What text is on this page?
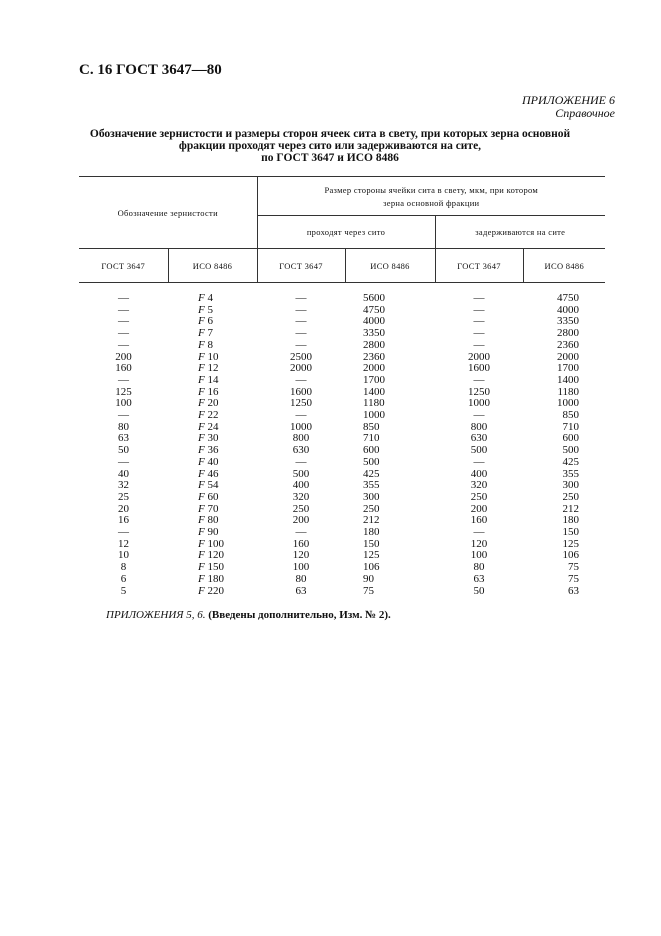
С. 16 ГОСТ 3647—80
ПРИЛОЖЕНИЕ 6
Справочное
Обозначение зернистости и размеры сторон ячеек сита в свету, при которых зерна основной
фракции проходят через сито или задерживаются на сите,
по ГОСТ 3647 и ИСО 8486
Обозначение зернистости		Размер стороны ячейки сита в свету, мкм, при котором
зерна основной фракции			

		проходят через сито		задерживаются на сите	
ГОСТ 3647	ИСО 8486	ГОСТ 3647	ИСО 8486	ГОСТ 3647	ИСО 8486

—	F 4	—	5600	—	4750
—	F 5	—	4750	—	4000
—	F 6	—	4000	—	3350
—	F 7	—	3350	—	2800
—	F 8	—	2800	—	2360
200	F 10	2500	2360	2000	2000
160	F 12	2000	2000	1600	1700
—	F 14	—	1700	—	1400
125	F 16	1600	1400	1250	1180
100	F 20	1250	1180	1000	1000
—	F 22	—	1000	—	850
80	F 24	1000	850	800	710
63	F 30	800	710	630	600
50	F 36	630	600	500	500
—	F 40	—	500	—	425
40	F 46	500	425	400	355
32	F 54	400	355	320	300
25	F 60	320	300	250	250
20	F 70	250	250	200	212
16	F 80	200	212	160	180
—	F 90	—	180	—	150
12	F 100	160	150	120	125
10	F 120	120	125	100	106
8	F 150	100	106	80	75
6	F 180	80	90	63	75
5	F 220	63	75	50	63
ПРИЛОЖЕНИЯ 5, 6. (Введены дополнительно, Изм. № 2).
